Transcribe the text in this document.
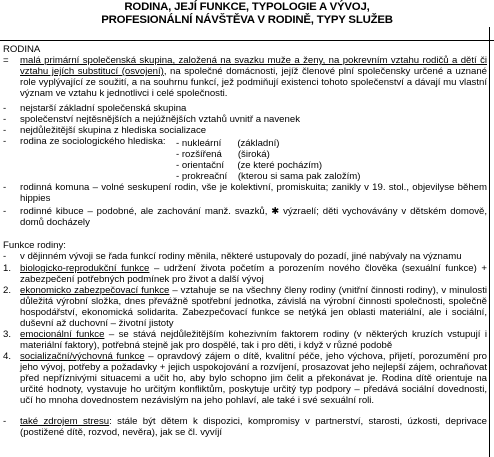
RODINA, JEJÍ FUNKCE, TYPOLOGIE A VÝVOJ,
PROFESIONÁLNÍ NÁVŠTĚVA V RODINĚ, TYPY SLUŽEB
RODINA
=	malá primární společenská skupina, založená na svazku muže a ženy, na pokrevním vztahu rodičů a dětí či vztahu jejích substitucí (osvojení), na společné domácnosti, jejíž členové plní společensky určené a uznané role vyplývající ze soužití, a na souhrnu funkcí, jež podmiňují existenci tohoto společenství a dávají mu vlastní význam ve vztahu k jednotlivci i celé společnosti.
-	nejstarší základní společenská skupina
-	společenství nejtěsnějších a nejúžnějších vztahů uvnitř a navenek
-	nejdůležitější skupina z hlediska socializace
-	rodina ze sociologického hlediska:	- nukleární      (základní)
- rozšířená      (široká)
- orientační     (ze které pocházím)
- prokreační    (kterou si sama pak založím)
-	rodinná komuna – volné seskupení rodin, vše je kolektivní, promiskuita; zanikly v 19. stol., objevilyse během hippies
-	rodinné kibuce – podobné, ale zachování manž. svazků, ✱ výzraelí; děti vychovávány v dětském domově, domů docházely
Funkce rodiny:
-	v dějinném vývoji se řada funkcí rodiny měnila, některé ustupovaly do pozadí, jiné nabývaly na významu
1. biologicko-reprodukční funkce – udržení života početím a porozením nového člověka (sexuální funkce) + zabezpečení potřebných podmínek pro život a další vývoj
2. ekonomicko zabezpečovací funkce – vztahuje se na všechny členy rodiny (vnitřní činnosti rodiny), v minulosti důležitá výrobní složka, dnes převážně spotřební jednotka, závislá na výrobní činnosti společnosti, společně hospodářství, ekonomická solidarita. Zabezpečovací funkce se netýká jen oblasti materiální, ale i sociální, duševní až duchovní – životní jistoty
3. emocionální funkce – se stává nejdůležitějším kohezivním faktorem rodiny (v některých kruzích vstupují i materiální faktory), potřebná stejně jak pro dospělé, tak i pro děti, i když v různé podobě
4. socializační/výchovná funkce – opravdový zájem o dítě, kvalitní péče, jeho výchova, přijetí, porozumění pro jeho vývoj, potřeby a požadavky + jejich uspokojování a rozvíjení, prosazovat jeho nejlepší zájem, ochraňovat před nepříznivými situacemi a učit ho, aby bylo schopno jim čelit a překonávat je. Rodina dítě orientuje na určité hodnoty, vystavuje ho určitým konfliktům, poskytuje určitý typ podpory – předává sociální dovednosti, učí ho mnoha dovednostem nezávislým na jeho pohlaví, ale také i své sexuální roli.
-	také zdrojem stresu: stále být dětem k dispozici, kompromisy v partnerství, starosti, úzkosti, deprivace (postižené dítě, rozvod, nevěra), jak se čl. vyvíjí
